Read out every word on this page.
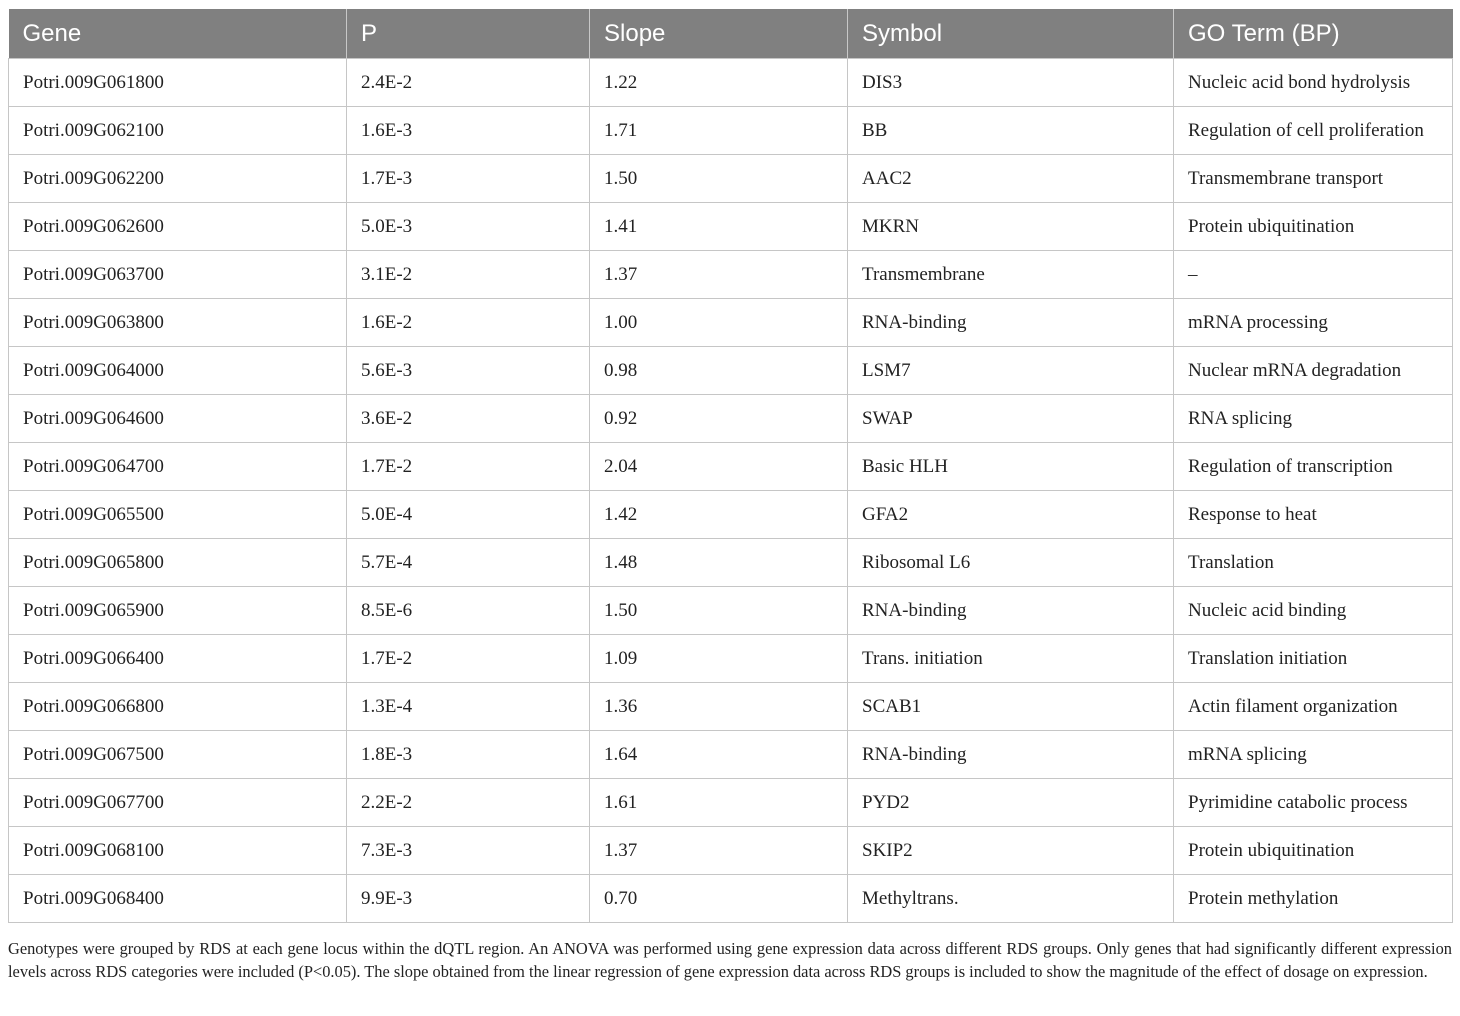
Gene	P	Slope	Symbol	GO Term (BP)
Potri.009G061800	2.4E-2	1.22	DIS3	Nucleic acid bond hydrolysis
Potri.009G062100	1.6E-3	1.71	BB	Regulation of cell proliferation
Potri.009G062200	1.7E-3	1.50	AAC2	Transmembrane transport
Potri.009G062600	5.0E-3	1.41	MKRN	Protein ubiquitination
Potri.009G063700	3.1E-2	1.37	Transmembrane	–
Potri.009G063800	1.6E-2	1.00	RNA-binding	mRNA processing
Potri.009G064000	5.6E-3	0.98	LSM7	Nuclear mRNA degradation
Potri.009G064600	3.6E-2	0.92	SWAP	RNA splicing
Potri.009G064700	1.7E-2	2.04	Basic HLH	Regulation of transcription
Potri.009G065500	5.0E-4	1.42	GFA2	Response to heat
Potri.009G065800	5.7E-4	1.48	Ribosomal L6	Translation
Potri.009G065900	8.5E-6	1.50	RNA-binding	Nucleic acid binding
Potri.009G066400	1.7E-2	1.09	Trans. initiation	Translation initiation
Potri.009G066800	1.3E-4	1.36	SCAB1	Actin filament organization
Potri.009G067500	1.8E-3	1.64	RNA-binding	mRNA splicing
Potri.009G067700	2.2E-2	1.61	PYD2	Pyrimidine catabolic process
Potri.009G068100	7.3E-3	1.37	SKIP2	Protein ubiquitination
Potri.009G068400	9.9E-3	0.70	Methyltrans.	Protein methylation

Genotypes were grouped by RDS at each gene locus within the dQTL region. An ANOVA was performed using gene expression data across different RDS groups. Only genes that had significantly different expression levels across RDS categories were included (P<0.05). The slope obtained from the linear regression of gene expression data across RDS groups is included to show the magnitude of the effect of dosage on expression.
